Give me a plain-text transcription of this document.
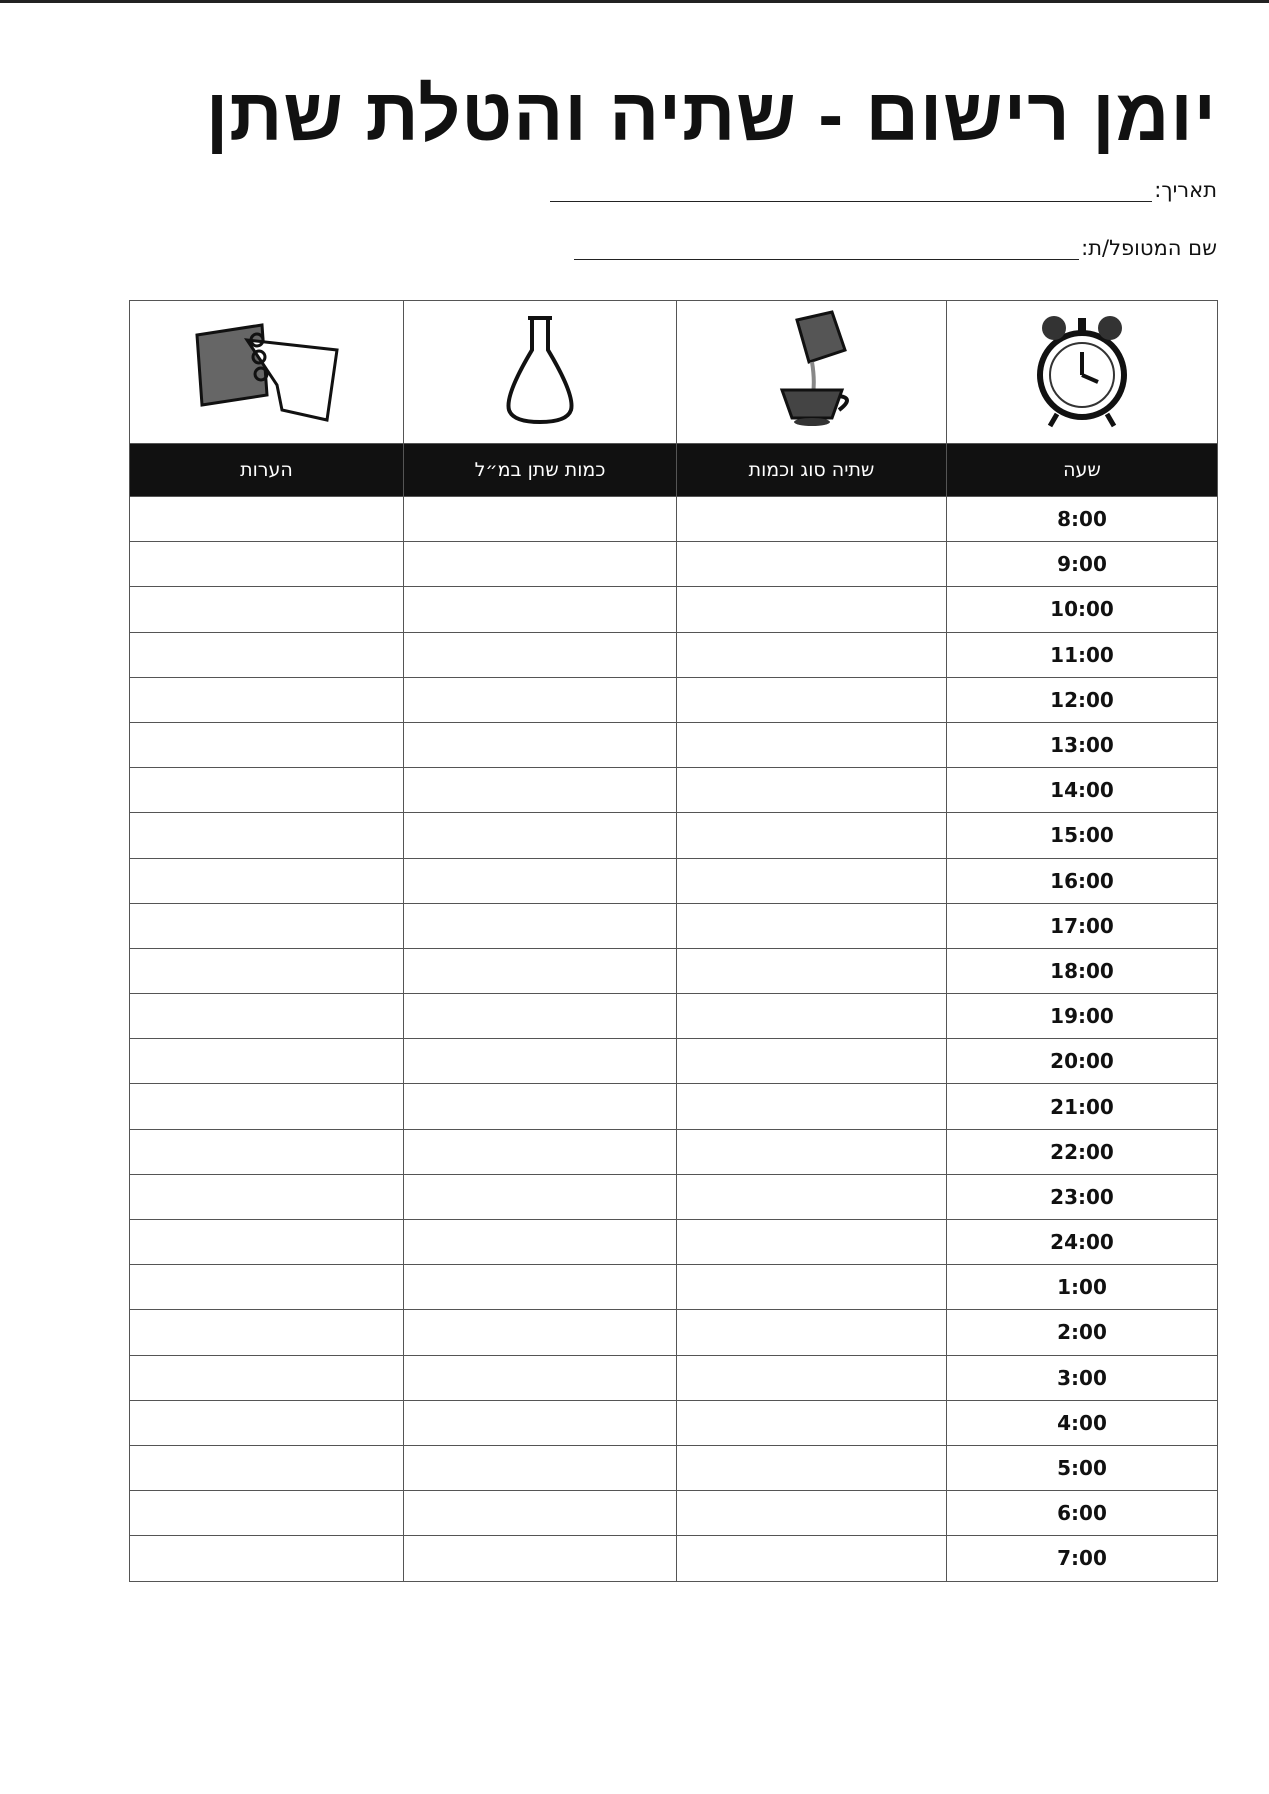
יומן רישום - שתיה והטלת שתן
תאריך:
שם המטופל/ת:

שעה	שתיה סוג וכמות	כמות שתן במ״ל	הערות
8:00			
9:00			
10:00			
11:00			
12:00			
13:00			
14:00			
15:00			
16:00			
17:00			
18:00			
19:00			
20:00			
21:00			
22:00			
23:00			
24:00			
1:00			
2:00			
3:00			
4:00			
5:00			
6:00			
7:00			
